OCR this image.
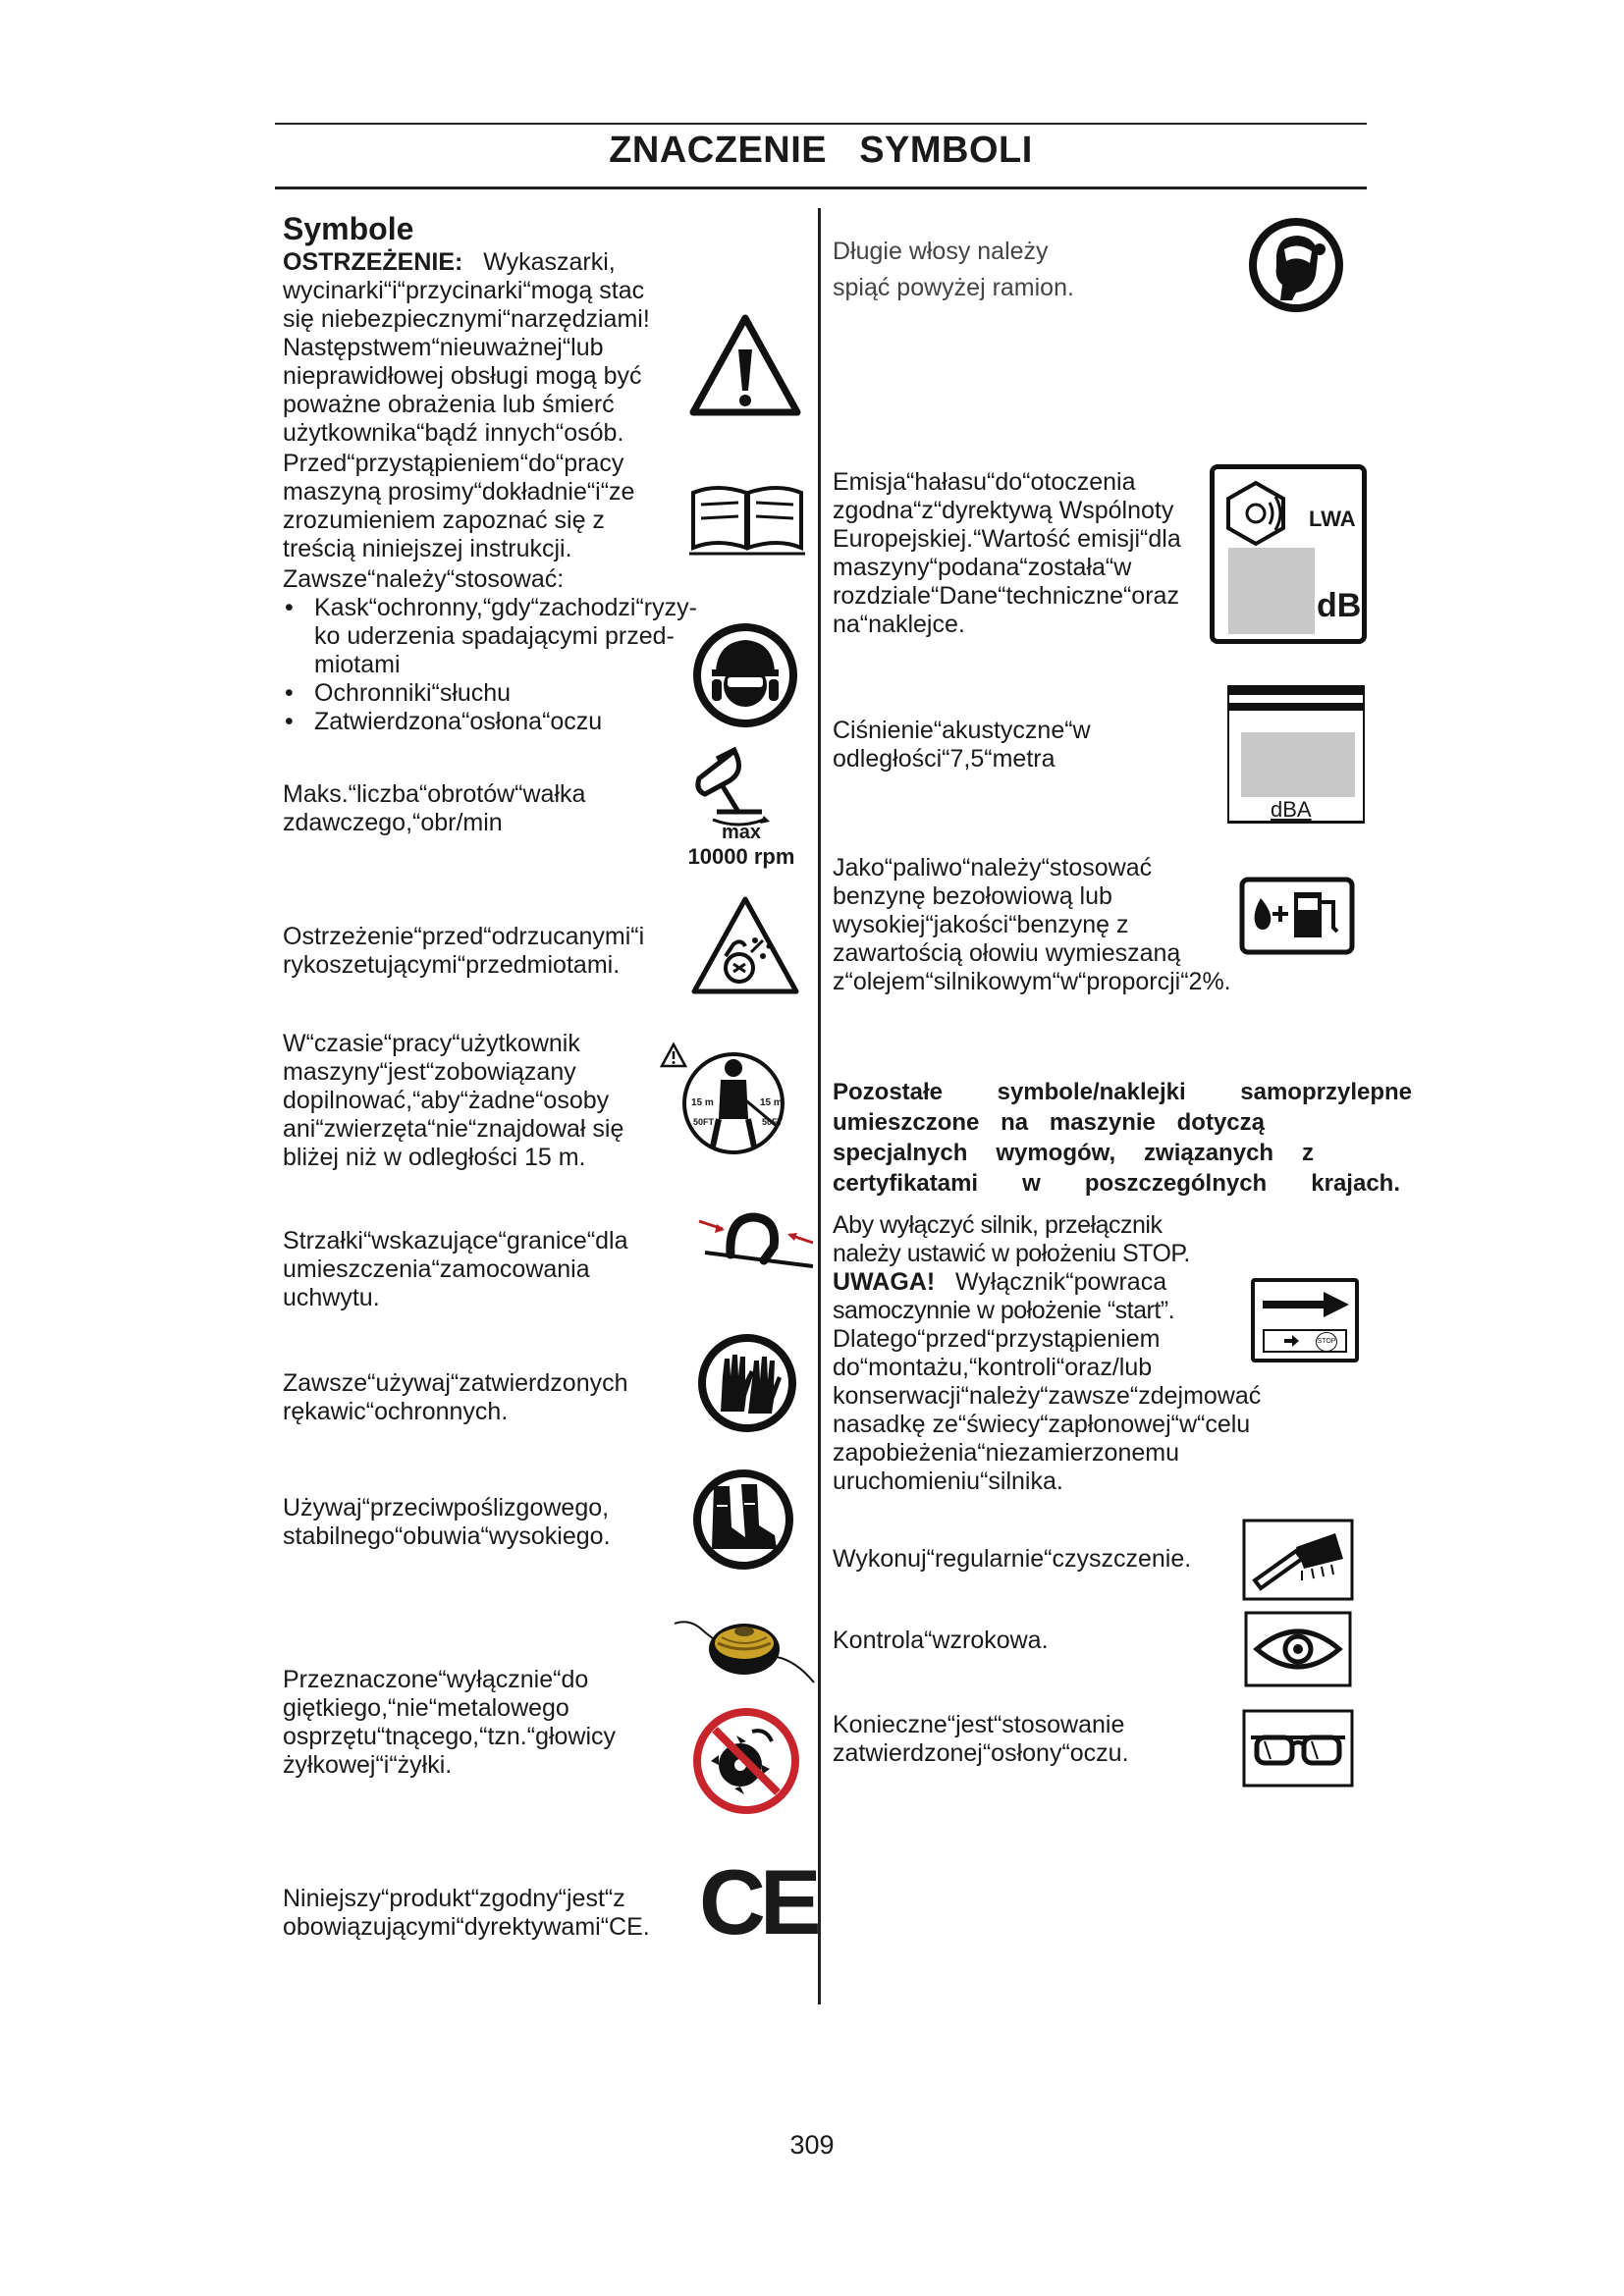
ZNACZENIE SYMBOLI
Symbole

OSTRZEŻENIE: Wykaszarki,

wycinarki“i“przycinarki“mogą stac

się niebezpiecznymi“narzędziami!

Następstwem“nieuważnej“lub

nieprawidłowej obsługi mogą być

poważne obrażenia lub śmierć

użytkownika“bądź innych“osób.

Przed“przystąpieniem“do“pracy

maszyną prosimy“dokładnie“i“ze

zrozumieniem zapoznać się z

treścią niniejszej instrukcji.

Zawsze“należy“stosować:

• Kask“ochronny,“gdy“zachodzi“ryzy- ko uderzenia spadającymi przed- miotami
• Ochronniki“słuchu
• Zatwierdzona“osłona“oczu

Maks.“liczba“obrotów“wałka

zdawczego,“obr/min	max
10000 rpm

Ostrzeżenie“przed“odrzucanymi“i

rykoszetującymi“przedmiotami.

W“czasie“pracy“użytkownik

maszyny“jest“zobowiązany

dopilnować,“aby“żadne“osoby

ani“zwierzęta“nie“znajdował się

bliżej niż w odległości 15 m.

15 m
50FT
15 m
50FT

Strzałki“wskazujące“granice“dla

umieszczenia“zamocowania

uchwytu.

Zawsze“używaj“zatwierdzonych

rękawic“ochronnych.

Używaj“przeciwpoślizgowego,

stabilnego“obuwia“wysokiego.

Przeznaczone“wyłącznie“do

giętkiego,“nie“metalowego

osprzętu“tnącego,“tzn.“głowicy

żyłkowej“i“żyłki.

Niniejszy“produkt“zgodny“jest“z

obowiązującymi“dyrektywami“CE. CE

Długie włosy należy

spiąć powyżej ramion.

Emisja“hałasu“do“otoczenia

zgodna“z“dyrektywą Wspólnoty

Europejskiej.“Wartość emisji“dla

maszyny“podana“została“w

rozdziale“Dane“techniczne“oraz

na“naklejce.

LWA
dB

Ciśnienie“akustyczne“w

odległości“7,5“metra

dBA

Jako“paliwo“należy“stosować

benzynę bezołowiową lub

wysokiej“jakości“benzynę z

zawartością ołowiu wymieszaną

z“olejem“silnikowym“w“proporcji“2%.

Pozostałe symbole/naklejki samoprzylepne

umieszczone na maszynie dotyczą

specjalnych wymogów, związanych z

certyfikatami w poszczególnych krajach.

Aby wyłączyć silnik, przełącznik

należy ustawić w położeniu STOP.

UWAGA! Wyłącznik“powraca

samoczynnie w położenie “start”.

Dlatego“przed“przystąpieniem

do“montażu,“kontroli“oraz/lub

konserwacji“należy“zawsze“zdejmować

nasadkę ze“świecy“zapłonowej“w“celu

zapobieżenia“niezamierzonemu

uruchomieniu“silnika.

STOP
Wykonuj“regularnie“czyszczenie.
Kontrola“wzrokowa.

Konieczne“jest“stosowanie

zatwierdzonej“osłony“oczu.

309
